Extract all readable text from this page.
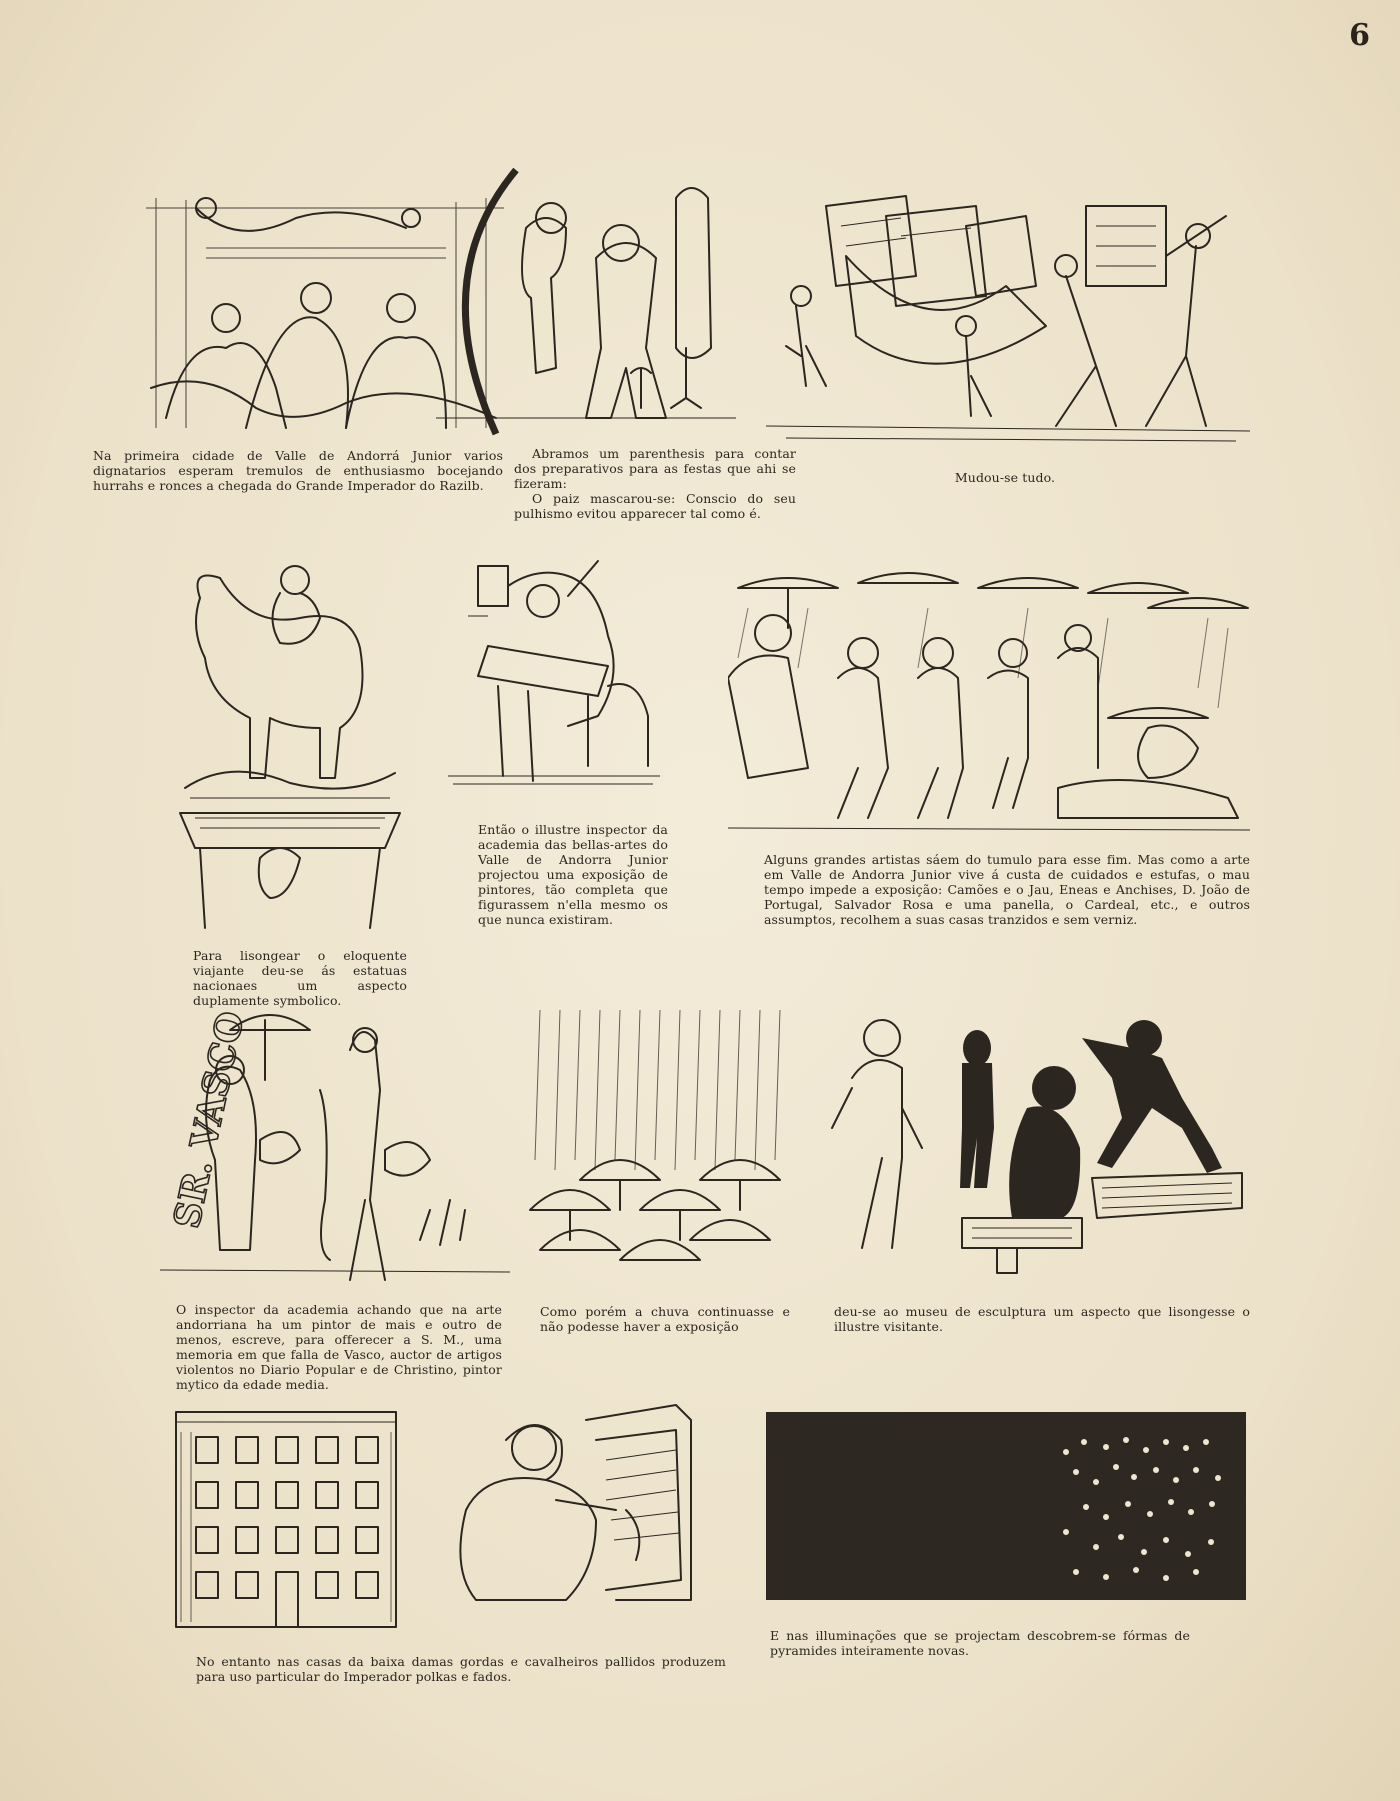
6
Na primeira cidade de Valle de Andorrá Junior varios dignatarios esperam tremulos de enthusiasmo bocejando hurrahs e ronces a chegada do Grande Imperador do Razilb.

Abramos um parenthesis para contar dos preparativos para as festas que ahi se fizeram:

O paiz mascarou-se: Conscio do seu pulhismo evitou apparecer tal como é.

Mudou-se tudo.
Para lisongear o eloquente viajante deu-se ás estatuas nacionaes um aspecto duplamente symbolico.
Então o illustre inspector da academia das bellas-artes do Valle de Andorra Junior projectou uma exposição de pintores, tão completa que figurassem n'ella mesmo os que nunca existiram.
Alguns grandes artistas sáem do tumulo para esse fim. Mas como a arte em Valle de Andorra Junior vive á custa de cuidados e estufas, o mau tempo impede a exposição: Camões e o Jau, Eneas e Anchises, D. João de Portugal, Salvador Rosa e uma panella, o Cardeal, etc., e outros assumptos, recolhem a suas casas tranzidos e sem verniz.
SR. VASCO
O inspector da academia achando que na arte andorriana ha um pintor de mais e outro de menos, escreve, para offerecer a S. M., uma memoria em que falla de Vasco, auctor de artigos violentos no Diario Popular e de Christino, pintor mytico da edade media.
Como porém a chuva continuasse e não podesse haver a exposição
deu-se ao museu de esculptura um aspecto que lisongesse o illustre visitante.
No entanto nas casas da baixa damas gordas e cavalheiros pallidos produzem para uso particular do Imperador polkas e fados.
E nas illuminações que se projectam descobrem-se fórmas de pyramides inteiramente novas.
